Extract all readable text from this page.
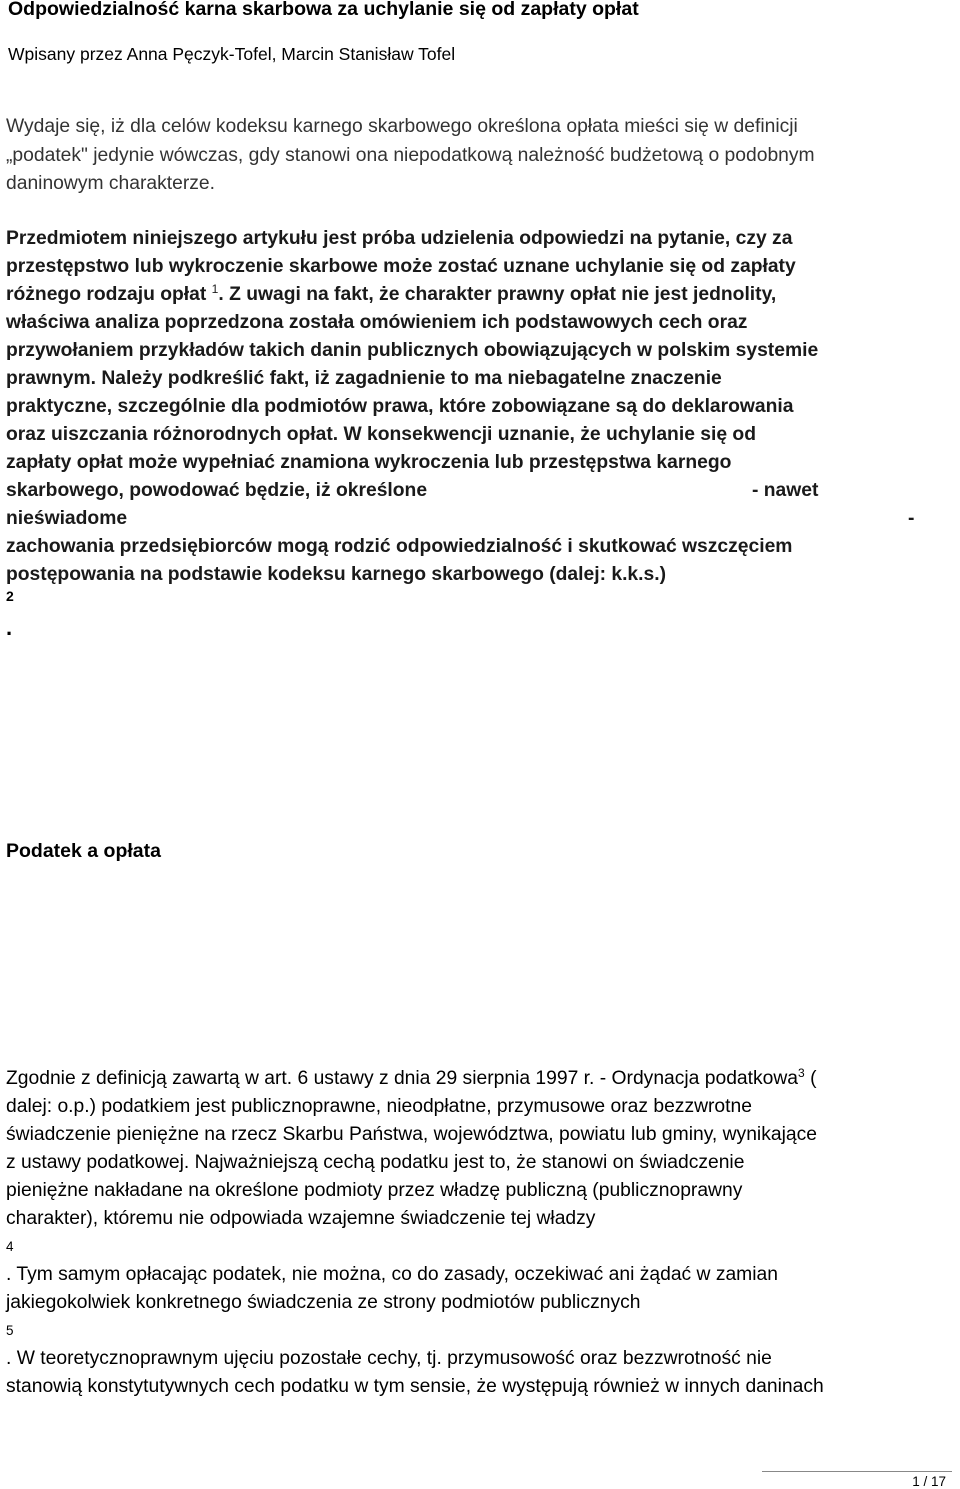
Odpowiedzialność karna skarbowa za uchylanie się od zapłaty opłat
Wpisany przez Anna Pęczyk-Tofel, Marcin Stanisław Tofel
Wydaje się, iż dla celów kodeksu karnego skarbowego określona opłata mieści się w definicji
„podatek" jedynie wówczas, gdy stanowi ona niepodatkową należność budżetową o podobnym
daninowym charakterze.
Przedmiotem niniejszego artykułu jest próba udzielenia odpowiedzi na pytanie, czy za
przestępstwo lub wykroczenie skarbowe może zostać uznane uchylanie się od zapłaty
różnego rodzaju opłat $^1$. Z uwagi na fakt, że charakter prawny opłat nie jest jednolity,
właściwa analiza poprzedzona została omówieniem ich podstawowych cech oraz
przywołaniem przykładów takich danin publicznych obowiązujących w polskim systemie
prawnym. Należy podkreślić fakt, iż zagadnienie to ma niebagatelne znaczenie
praktyczne, szczególnie dla podmiotów prawa, które zobowiązane są do deklarowania
oraz uiszczania różnorodnych opłat. W konsekwencji uznanie, że uchylanie się od
zapłaty opłat może wypełniać znamiona wykroczenia lub przestępstwa karnego
skarbowego, powodować będzie, iż określone	- nawet
nieświadome	-
zachowania przedsiębiorców mogą rodzić odpowiedzialność i skutkować wszczęciem
postępowania na podstawie kodeksu karnego skarbowego (dalej: k.k.s.)
2
.
Podatek a opłata
Zgodnie z definicją zawartą w art. 6 ustawy z dnia 29 sierpnia 1997 r. - Ordynacja podatkowa$^3$ (
dalej: o.p.) podatkiem jest publicznoprawne, nieodpłatne, przymusowe oraz bezzwrotne
świadczenie pieniężne na rzecz Skarbu Państwa, województwa, powiatu lub gminy, wynikające
z ustawy podatkowej. Najważniejszą cechą podatku jest to, że stanowi on świadczenie
pieniężne nakładane na określone podmioty przez władzę publiczną (publicznoprawny
charakter), któremu nie odpowiada wzajemne świadczenie tej władzy
4
. Tym samym opłacając podatek, nie można, co do zasady, oczekiwać ani żądać w zamian
jakiegokolwiek konkretnego świadczenia ze strony podmiotów publicznych
5
. W teoretycznoprawnym ujęciu pozostałe cechy, tj. przymusowość oraz bezzwrotność nie
stanowią konstytutywnych cech podatku w tym sensie, że występują również w innych daninach
1 / 17
